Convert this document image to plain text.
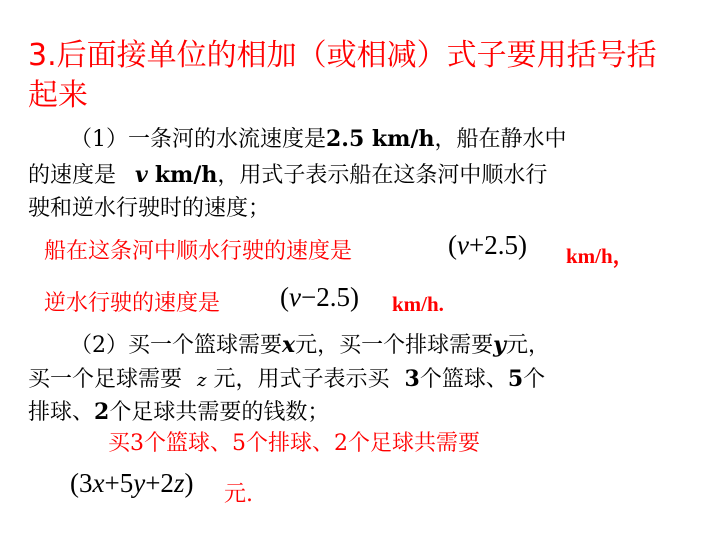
3.后面接单位的相加（或相减）式子要用括号括
起来
（1）一条河的水流速度是2.5 km/h，船在静水中
的速度是 v km/h，用式子表示船在这条河中顺水行
驶和逆水行驶时的速度；
船在这条河中顺水行驶的速度是	(v+2.5) km/h，
逆水行驶的速度是 (v−2.5) km/h.
（2）买一个篮球需要x元，买一个排球需要y元，
买一个足球需要 z 元，用式子表示买 3个篮球、5个
排球、2个足球共需要的钱数；
买3个篮球、5个排球、2个足球共需要
(3x+5y+2z) 元.
